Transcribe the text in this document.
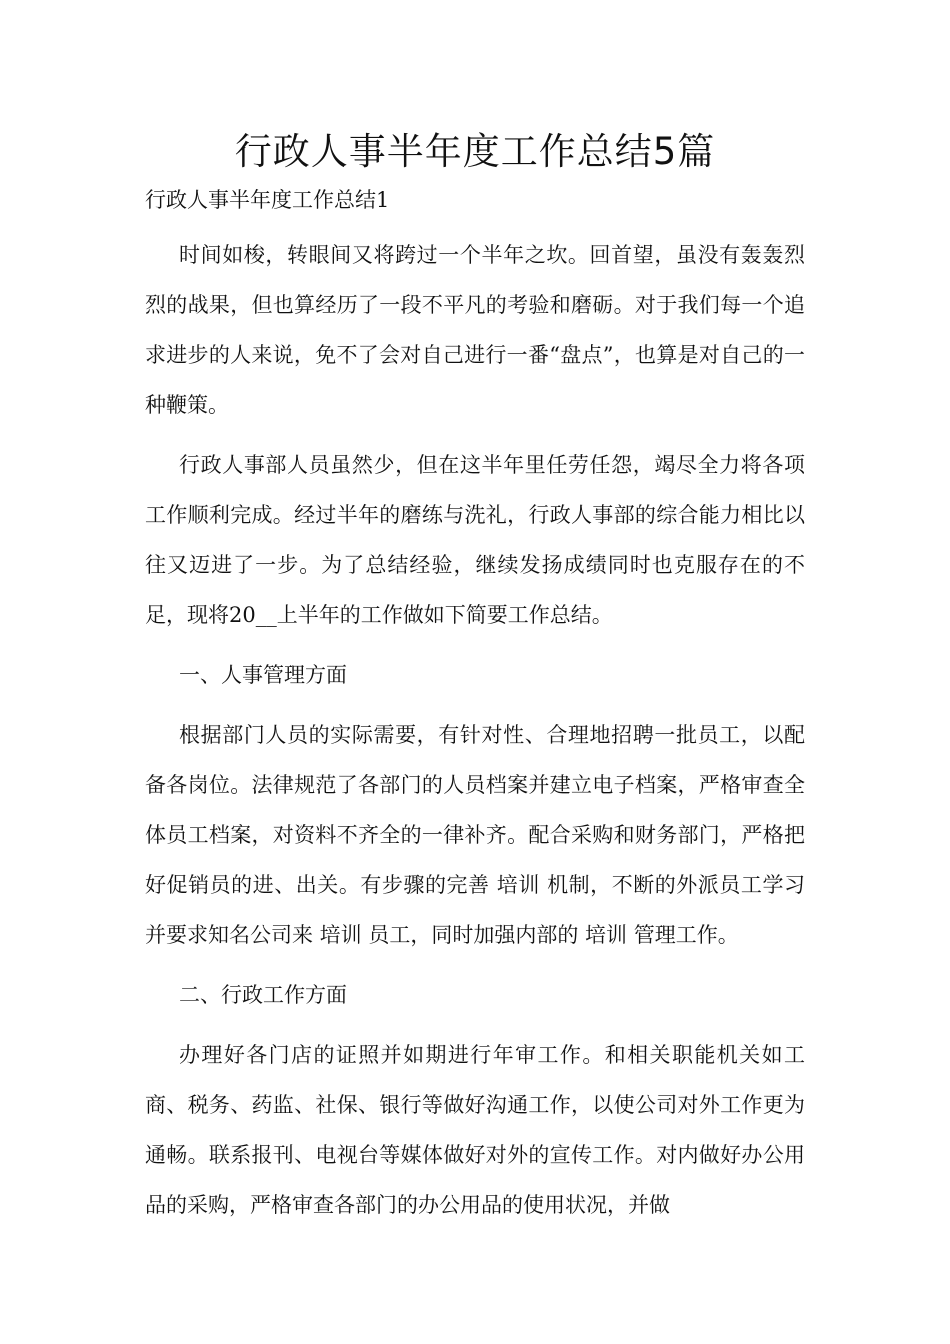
行政人事半年度工作总结5篇

行政人事半年度工作总结1

时间如梭，转眼间又将跨过一个半年之坎。回首望，虽没有轰轰烈烈的战果，但也算经历了一段不平凡的考验和磨砺。对于我们每一个追求进步的人来说，免不了会对自己进行一番“盘点”，也算是对自己的一种鞭策。

行政人事部人员虽然少，但在这半年里任劳任怨，竭尽全力将各项工作顺利完成。经过半年的磨练与洗礼，行政人事部的综合能力相比以往又迈进了一步。为了总结经验，继续发扬成绩同时也克服存在的不足，现将20__上半年的工作做如下简要工作总结。

一、人事管理方面

根据部门人员的实际需要，有针对性、合理地招聘一批员工，以配备各岗位。法律规范了各部门的人员档案并建立电子档案，严格审查全体员工档案，对资料不齐全的一律补齐。配合采购和财务部门，严格把好促销员的进、出关。有步骤的完善 培训 机制，不断的外派员工学习并要求知名公司来 培训 员工，同时加强内部的 培训 管理工作。

二、行政工作方面

办理好各门店的证照并如期进行年审工作。和相关职能机关如工商、税务、药监、社保、银行等做好沟通工作，以使公司对外工作更为通畅。联系报刊、电视台等媒体做好对外的宣传工作。对内做好办公用品的采购，严格审查各部门的办公用品的使用状况，并做
